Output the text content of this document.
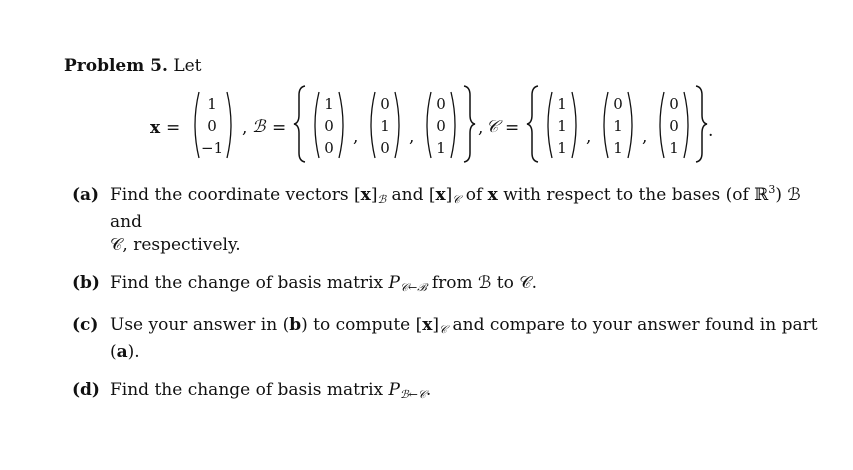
Problem 5. Let
x =
1
0
−1
, ℬ =
1
0
0
,
0
1
0
,
0
0
1
, 𝒞 =
1
1
1
,
0
1
1
,
0
0
1
.
(a) Find the coordinate vectors $[x]_ℬ$ and $[x]_𝒞$ of x with respect to the bases (of ℝ$^3$) ℬ and
𝒞, respectively.
(b) Find the change of basis matrix $P_{𝒞\leftarrow ℬ}$ from ℬ to 𝒞.
(c) Use your answer in (b) to compute $[x]_𝒞$ and compare to your answer found in part (a).
(d) Find the change of basis matrix $P_{ℬ\leftarrow 𝒞}$.
